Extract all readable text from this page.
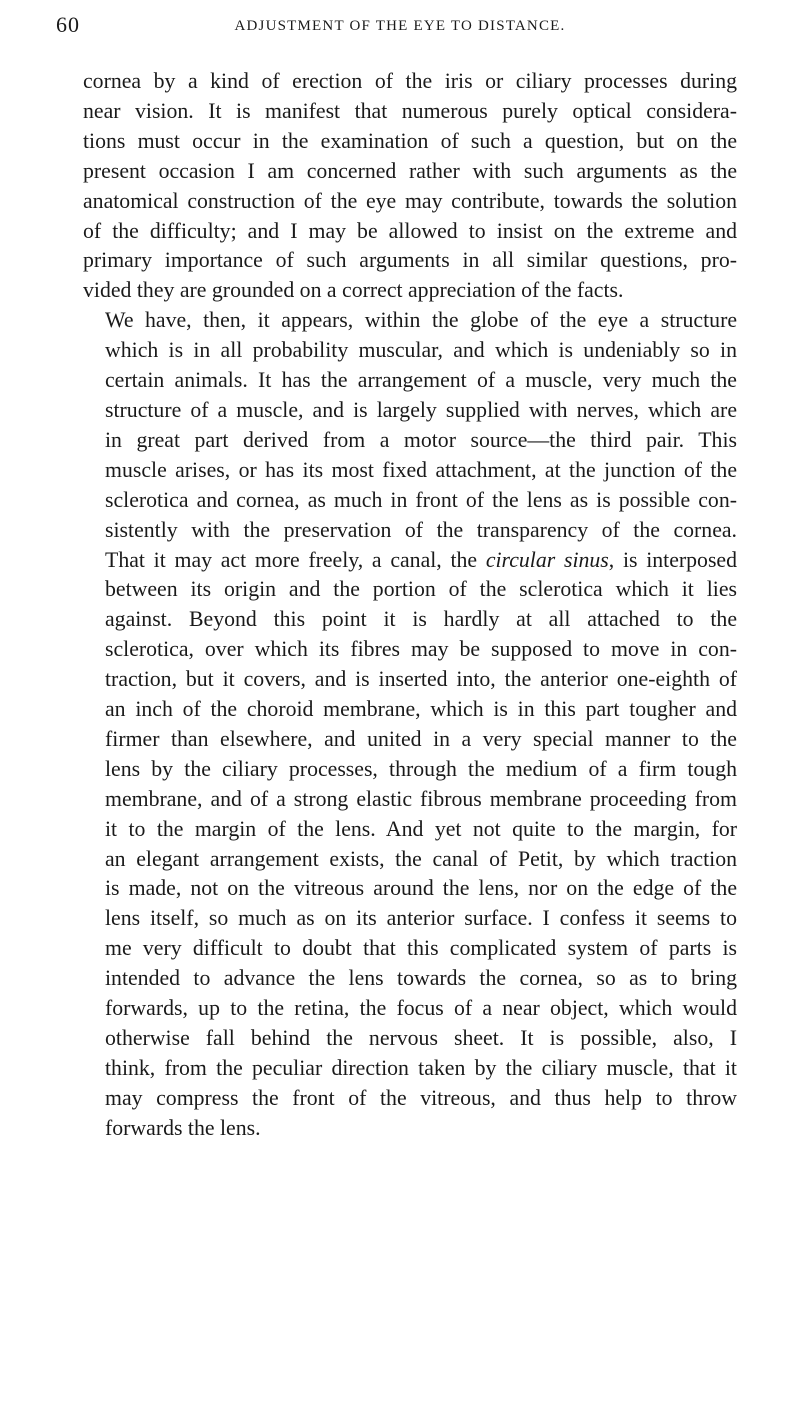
60	ADJUSTMENT OF THE EYE TO DISTANCE.

cornea by a kind of erection of the iris or ciliary processes during
near vision. It is manifest that numerous purely optical considera-
tions must occur in the examination of such a question, but on the
present occasion I am concerned rather with such arguments as the
anatomical construction of the eye may contribute, towards the solution
of the difficulty; and I may be allowed to insist on the extreme and
primary importance of such arguments in all similar questions, pro-
vided they are grounded on a correct appreciation of the facts.

We have, then, it appears, within the globe of the eye a structure
which is in all probability muscular, and which is undeniably so in
certain animals. It has the arrangement of a muscle, very much the
structure of a muscle, and is largely supplied with nerves, which are
in great part derived from a motor source—the third pair. This
muscle arises, or has its most fixed attachment, at the junction of the
sclerotica and cornea, as much in front of the lens as is possible con-
sistently with the preservation of the transparency of the cornea.
That it may act more freely, a canal, the circular sinus, is interposed
between its origin and the portion of the sclerotica which it lies
against. Beyond this point it is hardly at all attached to the
sclerotica, over which its fibres may be supposed to move in con-
traction, but it covers, and is inserted into, the anterior one-eighth of
an inch of the choroid membrane, which is in this part tougher and
firmer than elsewhere, and united in a very special manner to the
lens by the ciliary processes, through the medium of a firm tough
membrane, and of a strong elastic fibrous membrane proceeding from
it to the margin of the lens. And yet not quite to the margin, for
an elegant arrangement exists, the canal of Petit, by which traction
is made, not on the vitreous around the lens, nor on the edge of the
lens itself, so much as on its anterior surface. I confess it seems to
me very difficult to doubt that this complicated system of parts is
intended to advance the lens towards the cornea, so as to bring
forwards, up to the retina, the focus of a near object, which would
otherwise fall behind the nervous sheet. It is possible, also, I
think, from the peculiar direction taken by the ciliary muscle, that it
may compress the front of the vitreous, and thus help to throw
forwards the lens.
